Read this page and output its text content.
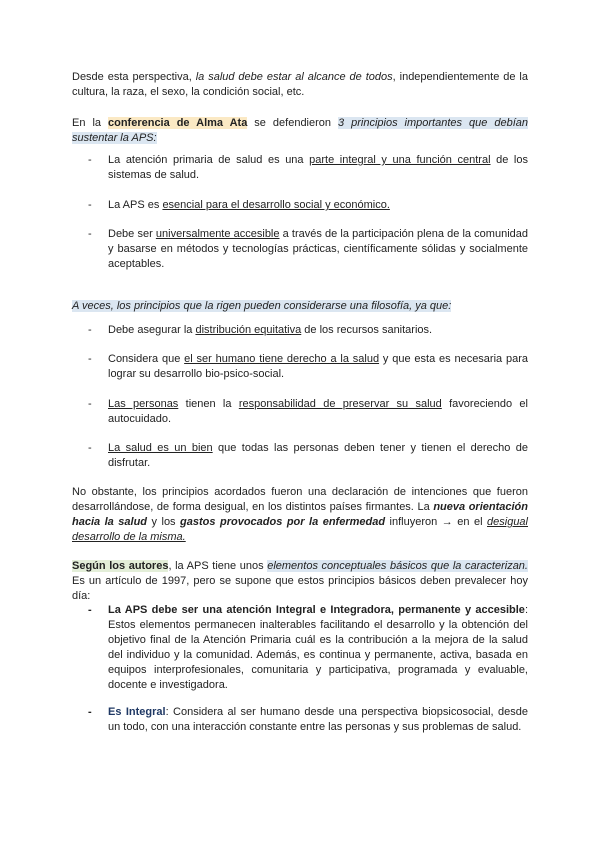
Desde esta perspectiva, la salud debe estar al alcance de todos, independientemente de la cultura, la raza, el sexo, la condición social, etc.
En la conferencia de Alma Ata se defendieron 3 principios importantes que debían sustentar la APS:
- La atención primaria de salud es una parte integral y una función central de los sistemas de salud.
- La APS es esencial para el desarrollo social y económico.
- Debe ser universalmente accesible a través de la participación plena de la comunidad y basarse en métodos y tecnologías prácticas, científicamente sólidas y socialmente aceptables.
A veces, los principios que la rigen pueden considerarse una filosofía, ya que:
- Debe asegurar la distribución equitativa de los recursos sanitarios.
- Considera que el ser humano tiene derecho a la salud y que esta es necesaria para lograr su desarrollo bio-psico-social.
- Las personas tienen la responsabilidad de preservar su salud favoreciendo el autocuidado.
- La salud es un bien que todas las personas deben tener y tienen el derecho de disfrutar.
No obstante, los principios acordados fueron una declaración de intenciones que fueron desarrollándose, de forma desigual, en los distintos países firmantes. La nueva orientación hacia la salud y los gastos provocados por la enfermedad influyeron → en el desigual desarrollo de la misma.
Según los autores, la APS tiene unos elementos conceptuales básicos que la caracterizan. Es un artículo de 1997, pero se supone que estos principios básicos deben prevalecer hoy día:
- La APS debe ser una atención Integral e Integradora, permanente y accesible: Estos elementos permanecen inalterables facilitando el desarrollo y la obtención del objetivo final de la Atención Primaria cuál es la contribución a la mejora de la salud del individuo y la comunidad. Además, es continua y permanente, activa, basada en equipos interprofesionales, comunitaria y participativa, programada y evaluable, docente e investigadora.
- Es Integral: Considera al ser humano desde una perspectiva biopsicosocial, desde un todo, con una interacción constante entre las personas y sus problemas de salud.
